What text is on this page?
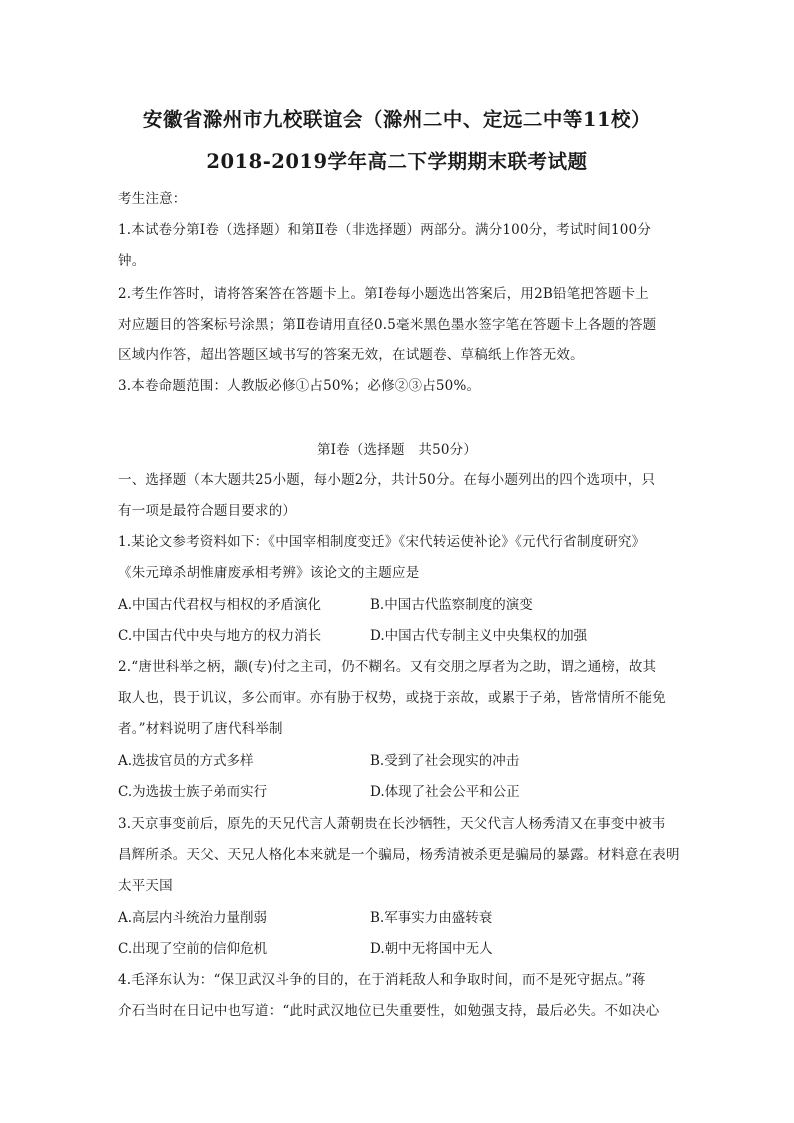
安徽省滁州市九校联谊会（滁州二中、定远二中等11校）
2018-2019学年高二下学期期末联考试题
考生注意：
1.本试卷分第Ⅰ卷（选择题）和第Ⅱ卷（非选择题）两部分。满分100分，考试时间100分
钟。
2.考生作答时，请将答案答在答题卡上。第Ⅰ卷每小题选出答案后，用2B铅笔把答题卡上
对应题目的答案标号涂黑；第Ⅱ卷请用直径0.5毫米黑色墨水签字笔在答题卡上各题的答题
区域内作答，超出答题区域书写的答案无效，在试题卷、草稿纸上作答无效。
3.本卷命题范围：人教版必修①占50%；必修②③占50%。
第Ⅰ卷（选择题　共50分）
一、选择题（本大题共25小题，每小题2分，共计50分。在每小题列出的四个选项中，只
有一项是最符合题目要求的）
1.某论文参考资料如下：《中国宰相制度变迁》《宋代转运使补论》《元代行省制度研究》
《朱元璋杀胡惟庸废承相考辨》该论文的主题应是
A.中国古代君权与相权的矛盾演化	B.中国古代监察制度的演变
C.中国古代中央与地方的权力消长	D.中国古代专制主义中央集权的加强
2.“唐世科举之柄，颛(专)付之主司，仍不糊名。又有交朋之厚者为之助，谓之通榜，故其
取人也，畏于讥议，多公而审。亦有胁于权势，或挠于亲故，或累于子弟，皆常情所不能免
者。”材料说明了唐代科举制
A.选拔官员的方式多样	B.受到了社会现实的冲击
C.为选拔士族子弟而实行	D.体现了社会公平和公正
3.天京事变前后，原先的天兄代言人萧朝贵在长沙牺牲，天父代言人杨秀清又在事变中被韦
昌辉所杀。天父、天兄人格化本来就是一个骗局，杨秀清被杀更是骗局的暴露。材料意在表明
太平天国
A.高层内斗统治力量削弱	B.军事实力由盛转衰
C.出现了空前的信仰危机	D.朝中无将国中无人
4.毛泽东认为：“保卫武汉斗争的目的，在于消耗敌人和争取时间，而不是死守据点。”蒋
介石当时在日记中也写道：“此时武汉地位已失重要性，如勉强支持，最后必失。不如决心
